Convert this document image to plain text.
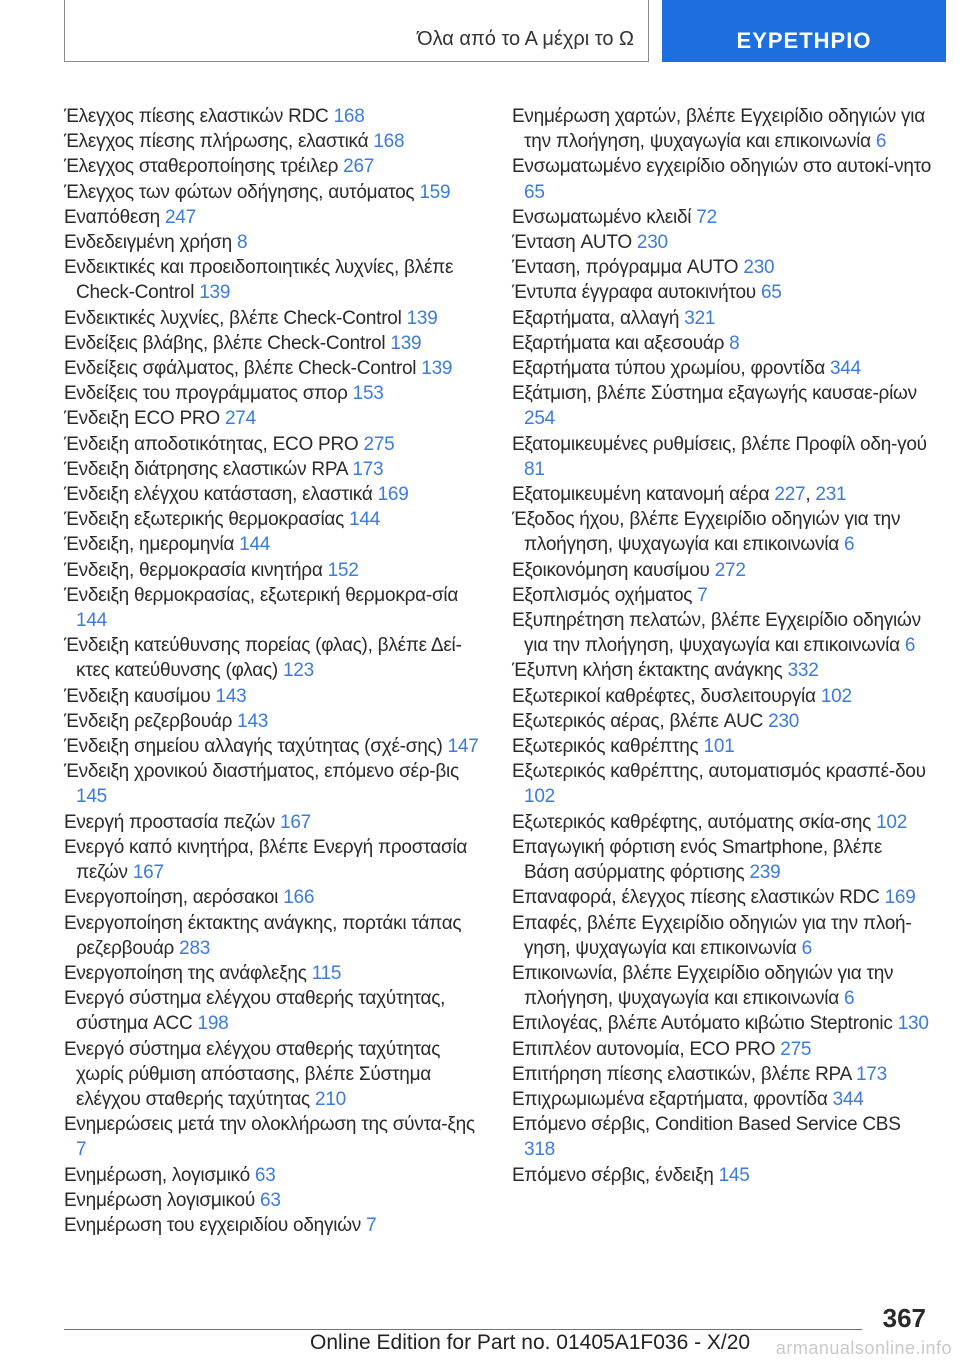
Όλα από το Α μέχρι το Ω	ΕΥΡΕΤΗΡΙΟ
Έλεγχος πίεσης ελαστικών RDC 168
Έλεγχος πίεσης πλήρωσης, ελαστικά 168
Έλεγχος σταθεροποίησης τρέιλερ 267
Έλεγχος των φώτων οδήγησης, αυτόματος 159
Εναπόθεση 247
Ενδεδειγμένη χρήση 8
Ενδεικτικές και προειδοποιητικές λυχνίες, βλέπε Check-Control 139
Ενδεικτικές λυχνίες, βλέπε Check-Control 139
Ενδείξεις βλάβης, βλέπε Check-Control 139
Ενδείξεις σφάλματος, βλέπε Check-Control 139
Ενδείξεις του προγράμματος σπορ 153
Ένδειξη ECO PRO 274
Ένδειξη αποδοτικότητας, ECO PRO 275
Ένδειξη διάτρησης ελαστικών RPA 173
Ένδειξη ελέγχου κατάσταση, ελαστικά 169
Ένδειξη εξωτερικής θερμοκρασίας 144
Ένδειξη, ημερομηνία 144
Ένδειξη, θερμοκρασία κινητήρα 152
Ένδειξη θερμοκρασίας, εξωτερική θερμοκρα‐σία 144
Ένδειξη κατεύθυνσης πορείας (φλας), βλέπε Δεί‐κτες κατεύθυνσης (φλας) 123
Ένδειξη καυσίμου 143
Ένδειξη ρεζερβουάρ 143
Ένδειξη σημείου αλλαγής ταχύτητας (σχέ‐σης) 147
Ένδειξη χρονικού διαστήματος, επόμενο σέρ‐βις 145
Ενεργή προστασία πεζών 167
Ενεργό καπό κινητήρα, βλέπε Ενεργή προστασία πεζών 167
Ενεργοποίηση, αερόσακοι 166
Ενεργοποίηση έκτακτης ανάγκης, πορτάκι τάπας ρεζερβουάρ 283
Ενεργοποίηση της ανάφλεξης 115
Ενεργό σύστημα ελέγχου σταθερής ταχύτητας, σύστημα ACC 198
Ενεργό σύστημα ελέγχου σταθερής ταχύτητας χωρίς ρύθμιση απόστασης, βλέπε Σύστημα ελέγχου σταθερής ταχύτητας 210
Ενημερώσεις μετά την ολοκλήρωση της σύντα‐ξης 7
Ενημέρωση, λογισμικό 63
Ενημέρωση λογισμικού 63
Ενημέρωση του εγχειριδίου οδηγιών 7
Ενημέρωση χαρτών, βλέπε Εγχειρίδιο οδηγιών για την πλοήγηση, ψυχαγωγία και επικοινωνία 6
Ενσωματωμένο εγχειρίδιο οδηγιών στο αυτοκί‐νητο 65
Ενσωματωμένο κλειδί 72
Ένταση AUTO 230
Ένταση, πρόγραμμα AUTO 230
Έντυπα έγγραφα αυτοκινήτου 65
Εξαρτήματα, αλλαγή 321
Εξαρτήματα και αξεσουάρ 8
Εξαρτήματα τύπου χρωμίου, φροντίδα 344
Εξάτμιση, βλέπε Σύστημα εξαγωγής καυσαε‐ρίων 254
Εξατομικευμένες ρυθμίσεις, βλέπε Προφίλ οδη‐γού 81
Εξατομικευμένη κατανομή αέρα 227, 231
Έξοδος ήχου, βλέπε Εγχειρίδιο οδηγιών για την πλοήγηση, ψυχαγωγία και επικοινωνία 6
Εξοικονόμηση καυσίμου 272
Εξοπλισμός οχήματος 7
Εξυπηρέτηση πελατών, βλέπε Εγχειρίδιο οδηγιών για την πλοήγηση, ψυχαγωγία και επικοινωνία 6
Έξυπνη κλήση έκτακτης ανάγκης 332
Εξωτερικοί καθρέφτες, δυσλειτουργία 102
Εξωτερικός αέρας, βλέπε AUC 230
Εξωτερικός καθρέπτης 101
Εξωτερικός καθρέπτης, αυτοματισμός κρασπέ‐δου 102
Εξωτερικός καθρέφτης, αυτόματης σκία‐σης 102
Επαγωγική φόρτιση ενός Smartphone, βλέπε Βάση ασύρματης φόρτισης 239
Επαναφορά, έλεγχος πίεσης ελαστικών RDC 169
Επαφές, βλέπε Εγχειρίδιο οδηγιών για την πλοή‐γηση, ψυχαγωγία και επικοινωνία 6
Επικοινωνία, βλέπε Εγχειρίδιο οδηγιών για την πλοήγηση, ψυχαγωγία και επικοινωνία 6
Επιλογέας, βλέπε Αυτόματο κιβώτιο Steptronic 130
Επιπλέον αυτονομία, ECO PRO 275
Επιτήρηση πίεσης ελαστικών, βλέπε RPA 173
Επιχρωμιωμένα εξαρτήματα, φροντίδα 344
Επόμενο σέρβις, Condition Based Service CBS 318
Επόμενο σέρβις, ένδειξη 145
367
Online Edition for Part no. 01405A1F036 - X/20	armanualsonline.info
